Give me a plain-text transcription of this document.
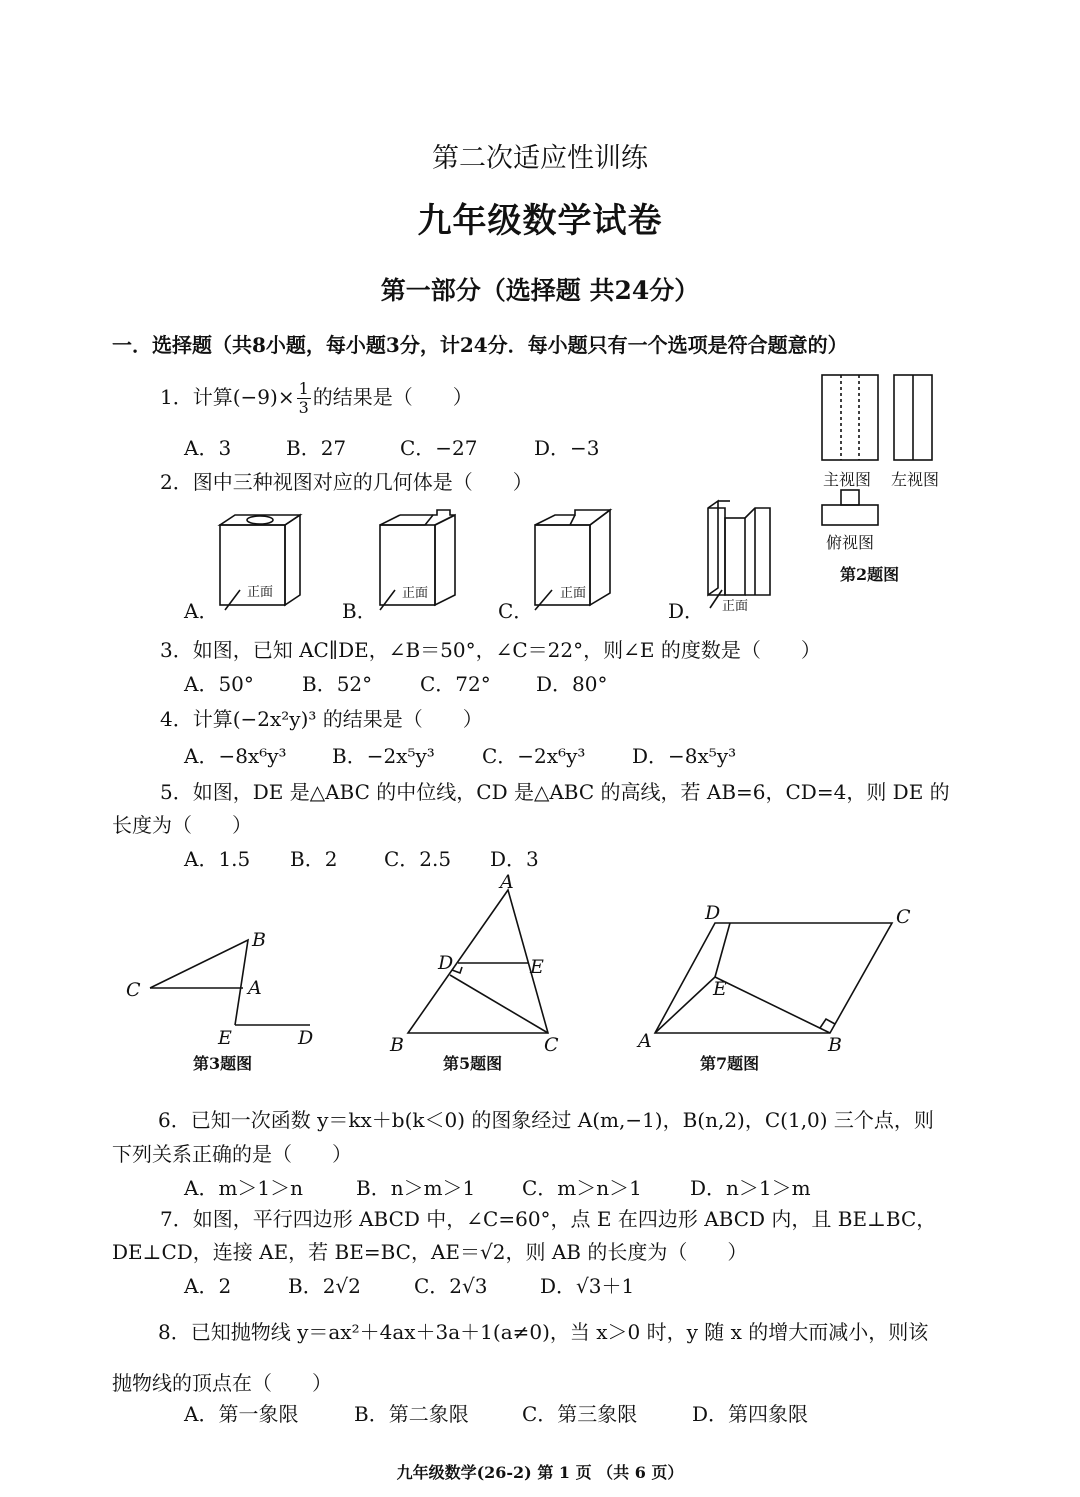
第二次适应性训练
九年级数学试卷
第一部分（选择题 共24分）
一．选择题（共8小题，每小题3分，计24分．每小题只有一个选项是符合题意的）
1．计算$(-9)\times \frac{1}{3}$ 的结果是（　　）
A．3	B．27	C．−27	D．−3
2．图中三种视图对应的几何体是（　　）	主视图 左视图
俯视图
第2题图
正面
A．
正面
B．
正面
C．	正面
D．
3．如图，已知 AC∥DE，∠B＝50°，∠C＝22°，则∠E 的度数是（　　）
A．50° B．52° C．72° D．80°
4．计算(−2x²y)³ 的结果是（　　）
A．−8x⁶y³ B．−2x⁵y³ C．−2x⁶y³ D．−8x⁵y³
5．如图，DE 是△ABC 的中位线，CD 是△ABC 的高线，若 AB=6，CD=4，则 DE 的
长度为（　　）
A．1.5 B．2 C．2.5 D．3
B
C	A
E	D
第3题图
A
D	E
B	C
第5题图
D	C
E
A	B
第7题图
6．已知一次函数 y＝kx＋b(k＜0) 的图象经过 A(m,−1)，B(n,2)，C(1,0) 三个点，则
下列关系正确的是（　　）
A．m＞1＞n	B．n＞m＞1 C．m＞n＞1 D．n＞1＞m
7．如图，平行四边形 ABCD 中，∠C=60°，点 E 在四边形 ABCD 内，且 BE⊥BC，
DE⊥CD，连接 AE，若 BE=BC，AE＝√2，则 AB 的长度为（　　）
A．2	B．2√2	C．2√3	D．√3＋1
8．已知抛物线 y＝ax²＋4ax＋3a＋1(a≠0)，当 x＞0 时，y 随 x 的增大而减小，则该
抛物线的顶点在（　　）
A．第一象限	B．第二象限	C．第三象限	D．第四象限
九年级数学(26-2) 第 1 页 （共 6 页）
